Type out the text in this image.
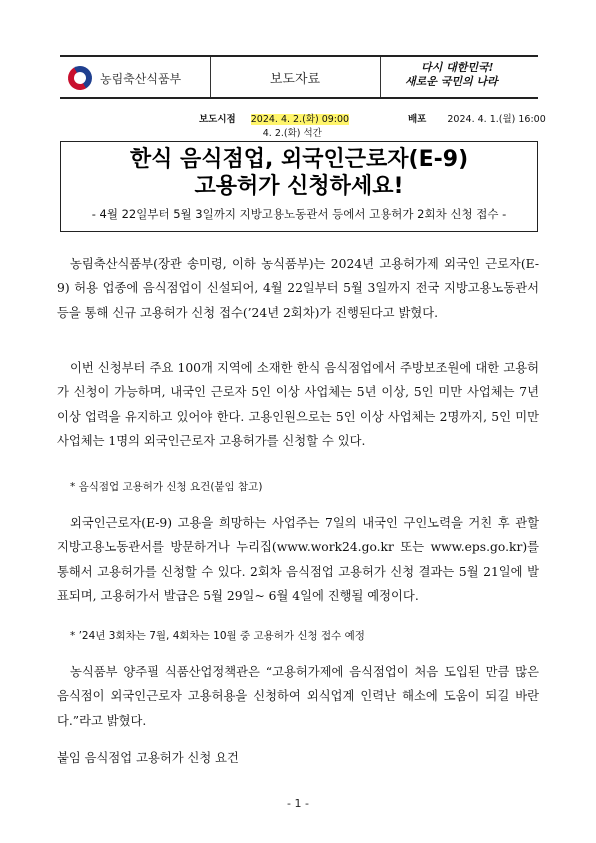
농림축산식품부	보도자료
다시 대한민국!
새로운 국민의 나라
보도시점 2024. 4. 2.(화) 09:00
4. 2.(화) 석간
배포 2024. 4. 1.(월) 16:00
한식 음식점업, 외국인근로자(E-9)
고용허가 신청하세요!
- 4월 22일부터 5월 3일까지 지방고용노동관서 등에서 고용허가 2회차 신청 접수 -

농림축산식품부(장관 송미령, 이하 농식품부)는 2024년 고용허가제 외국인 근로자(E-9) 허용 업종에 음식점업이 신설되어, 4월 22일부터 5월 3일까지 전국 지방고용노동관서 등을 통해 신규 고용허가 신청 접수(’24년 2회차)가 진행된다고 밝혔다.

이번 신청부터 주요 100개 지역에 소재한 한식 음식점업에서 주방보조원에 대한 고용허가 신청이 가능하며, 내국인 근로자 5인 이상 사업체는 5년 이상, 5인 미만 사업체는 7년 이상 업력을 유지하고 있어야 한다. 고용인원으로는 5인 이상 사업체는 2명까지, 5인 미만 사업체는 1명의 외국인근로자 고용허가를 신청할 수 있다.

* 음식점업 고용허가 신청 요건(붙임 참고)

외국인근로자(E-9) 고용을 희망하는 사업주는 7일의 내국인 구인노력을 거친 후 관할 지방고용노동관서를 방문하거나 누리집(www.work24.go.kr 또는 www.eps.go.kr)를 통해서 고용허가를 신청할 수 있다. 2회차 음식점업 고용허가 신청 결과는 5월 21일에 발표되며, 고용허가서 발급은 5월 29일~ 6월 4일에 진행될 예정이다.

* ’24년 3회차는 7월, 4회차는 10월 중 고용허가 신청 접수 예정

농식품부 양주필 식품산업정책관은 “고용허가제에 음식점업이 처음 도입된 만큼 많은 음식점이 외국인근로자 고용허용을 신청하여 외식업계 인력난 해소에 도움이 되길 바란다.”라고 밝혔다.

붙임 음식점업 고용허가 신청 요건

- 1 -
